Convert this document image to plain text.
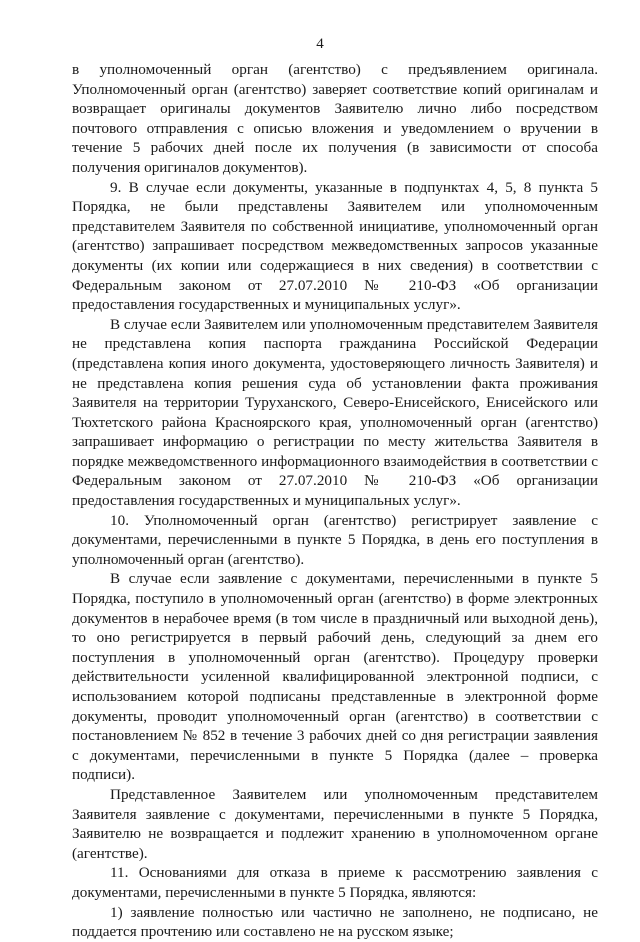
4

в уполномоченный орган (агентство) с предъявлением оригинала. Уполномоченный орган (агентство) заверяет соответствие копий оригиналам и возвращает оригиналы документов Заявителю лично либо посредством почтового отправления с описью вложения и уведомлением о вручении в течение 5 рабочих дней после их получения (в зависимости от способа получения оригиналов документов).

9. В случае если документы, указанные в подпунктах 4, 5, 8 пункта 5 Порядка, не были представлены Заявителем или уполномоченным представителем Заявителя по собственной инициативе, уполномоченный орган (агентство) запрашивает посредством межведомственных запросов указанные документы (их копии или содержащиеся в них сведения) в соответствии с Федеральным законом от 27.07.2010 № 210-ФЗ «Об организации предоставления государственных и муниципальных услуг».

В случае если Заявителем или уполномоченным представителем Заявителя не представлена копия паспорта гражданина Российской Федерации (представлена копия иного документа, удостоверяющего личность Заявителя) и не представлена копия решения суда об установлении факта проживания Заявителя на территории Туруханского, Северо-Енисейского, Енисейского или Тюхтетского района Красноярского края, уполномоченный орган (агентство) запрашивает информацию о регистрации по месту жительства Заявителя в порядке межведомственного информационного взаимодействия в соответствии с Федеральным законом от 27.07.2010 № 210-ФЗ «Об организации предоставления государственных и муниципальных услуг».

10. Уполномоченный орган (агентство) регистрирует заявление с документами, перечисленными в пункте 5 Порядка, в день его поступления в уполномоченный орган (агентство).

В случае если заявление с документами, перечисленными в пункте 5 Порядка, поступило в уполномоченный орган (агентство) в форме электронных документов в нерабочее время (в том числе в праздничный или выходной день), то оно регистрируется в первый рабочий день, следующий за днем его поступления в уполномоченный орган (агентство). Процедуру проверки действительности усиленной квалифицированной электронной подписи, с использованием которой подписаны представленные в электронной форме документы, проводит уполномоченный орган (агентство) в соответствии с постановлением № 852 в течение 3 рабочих дней со дня регистрации заявления с документами, перечисленными в пункте 5 Порядка (далее – проверка подписи).

Представленное Заявителем или уполномоченным представителем Заявителя заявление с документами, перечисленными в пункте 5 Порядка, Заявителю не возвращается и подлежит хранению в уполномоченном органе (агентстве).

11. Основаниями для отказа в приеме к рассмотрению заявления с документами, перечисленными в пункте 5 Порядка, являются:

1) заявление полностью или частично не заполнено, не подписано, не поддается прочтению или составлено не на русском языке;
